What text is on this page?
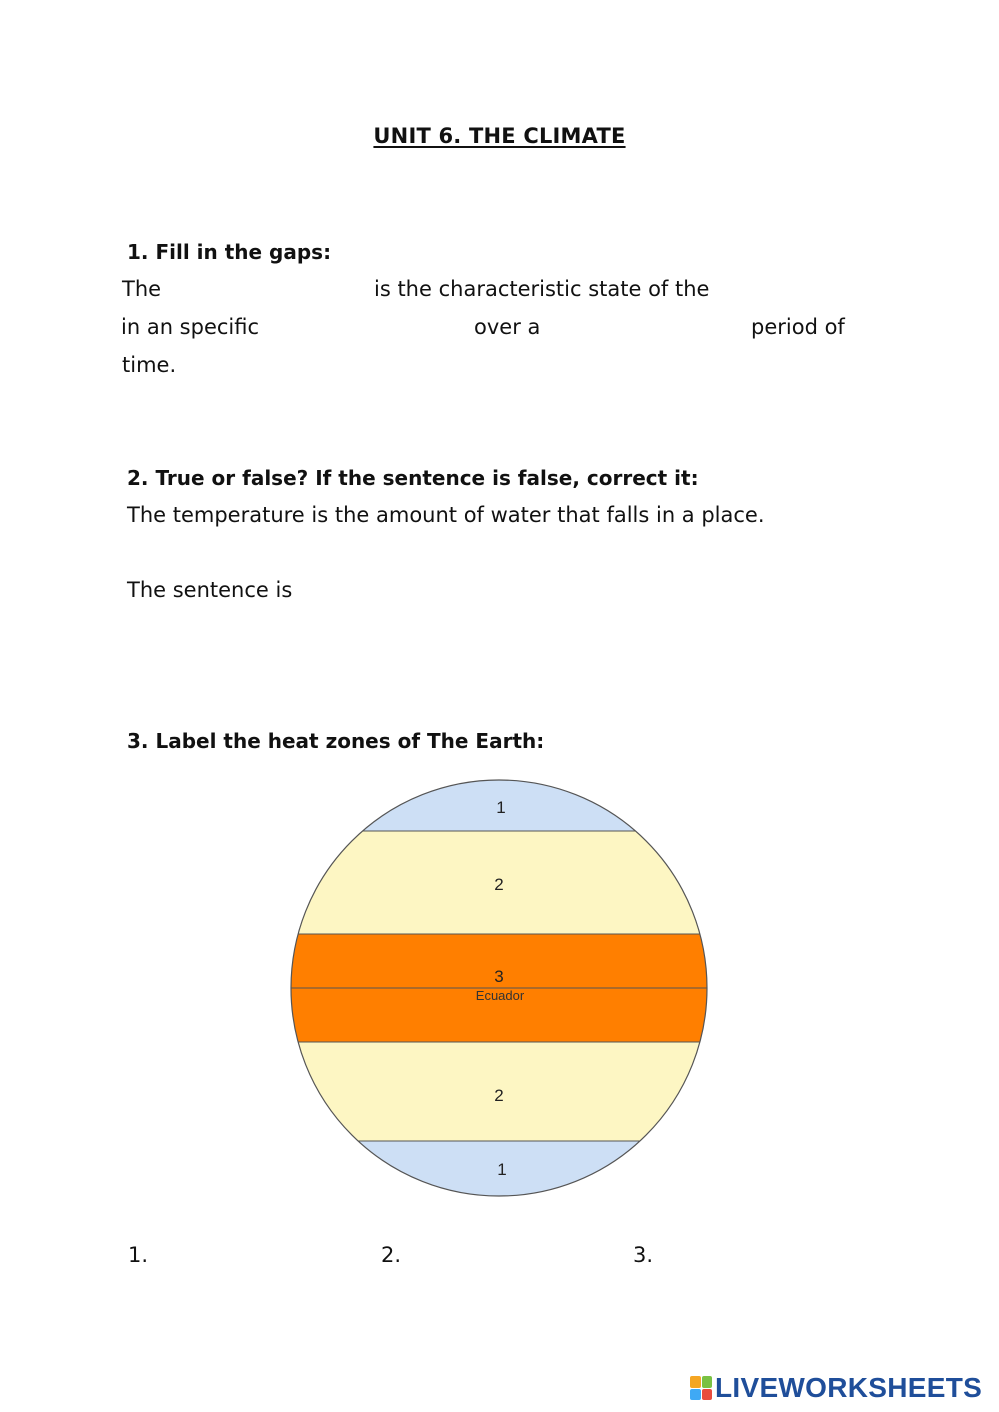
UNIT 6. THE CLIMATE
1. Fill in the gaps:
The	is the characteristic state of the
in an specific	over a	period of
time.
2. True or false? If the sentence is false, correct it:
The temperature is the amount of water that falls in a place.
The sentence is
3. Label the heat zones of The Earth:
1
2
3
2
1
Ecuador
1.	2.	3.
LIVEWORKSHEETS
